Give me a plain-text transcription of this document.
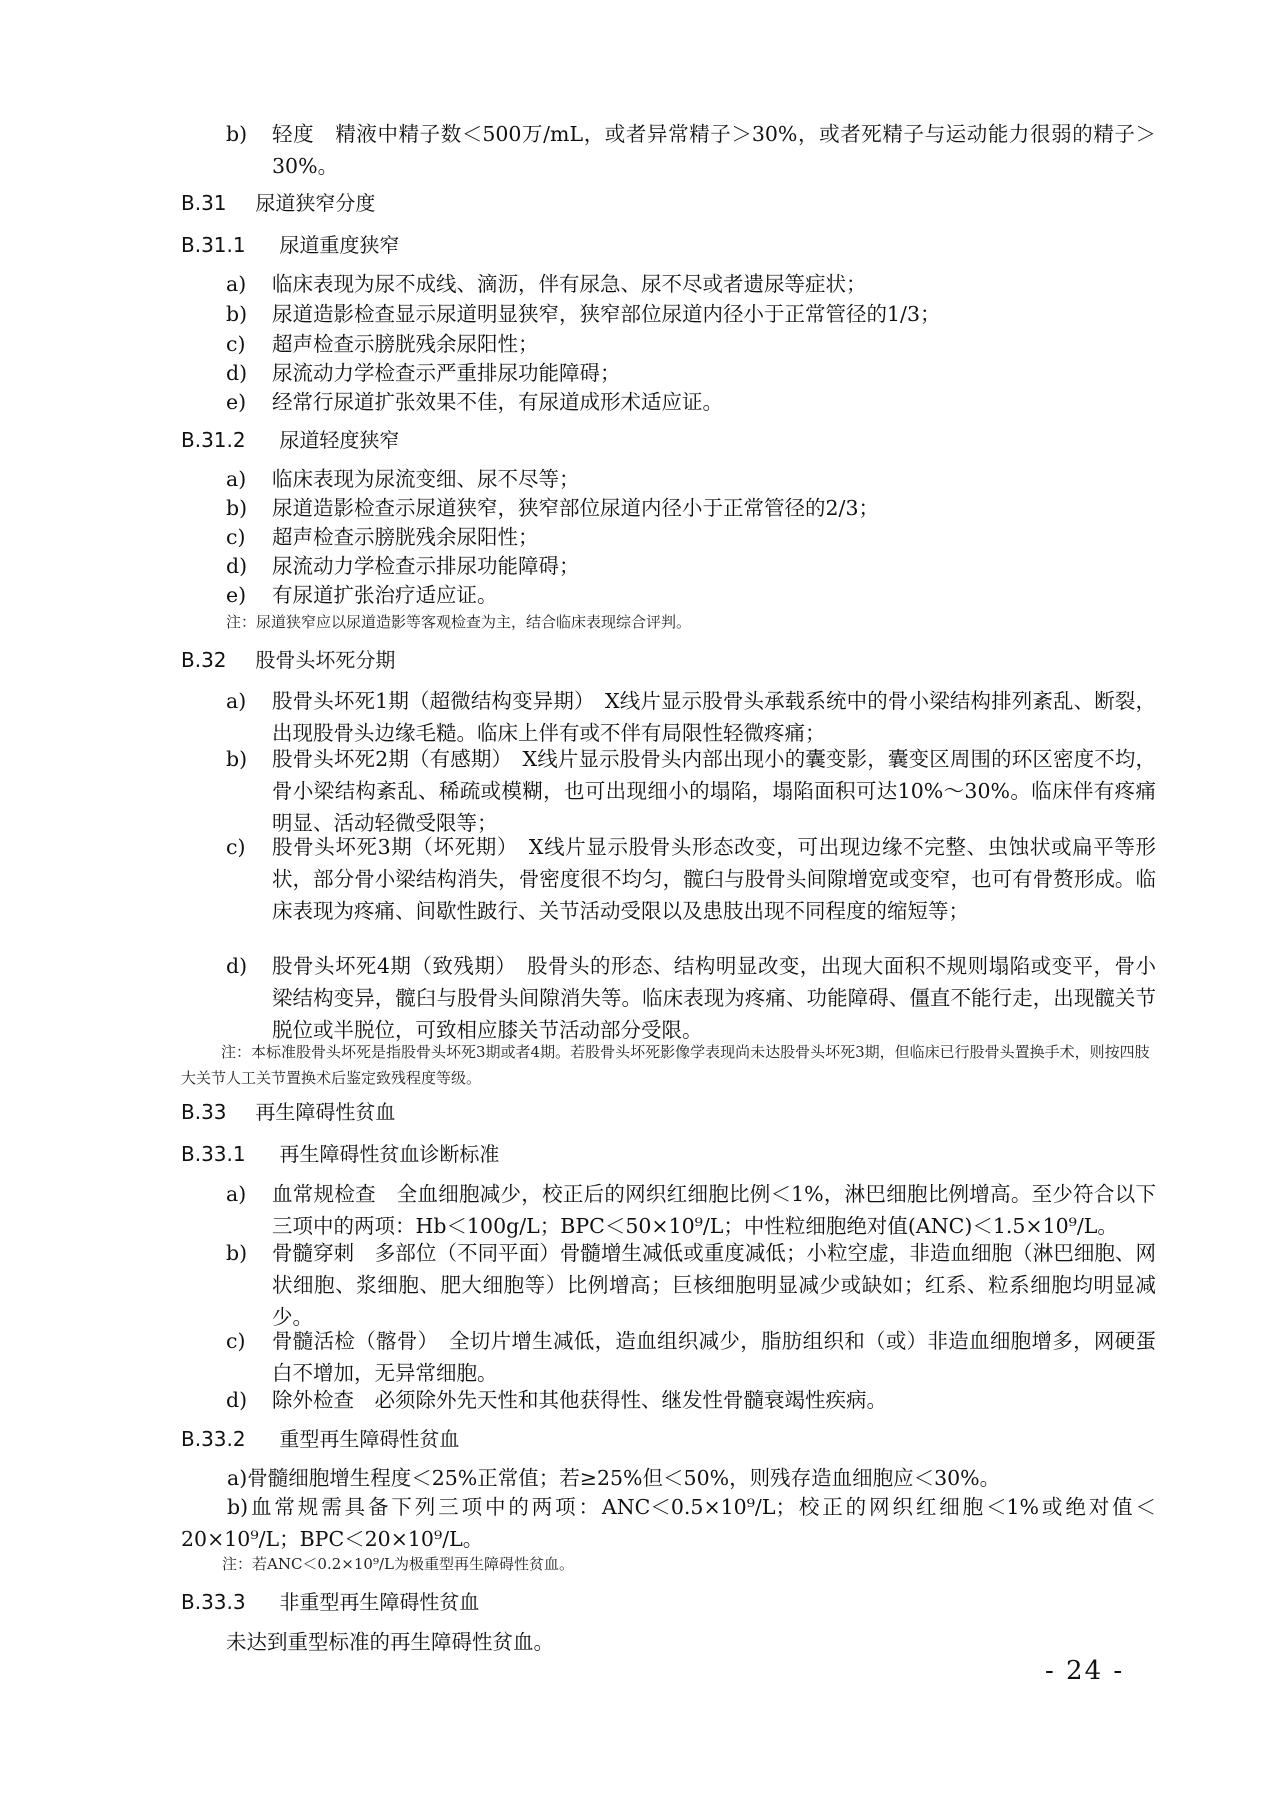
b) 轻度　精液中精子数＜500万/mL，或者异常精子＞30%，或者死精子与运动能力很弱的精子＞30%。
B.31 尿道狭窄分度
B.31.1 尿道重度狭窄
a) 临床表现为尿不成线、滴沥，伴有尿急、尿不尽或者遗尿等症状；
b) 尿道造影检查显示尿道明显狭窄，狭窄部位尿道内径小于正常管径的1/3；
c) 超声检查示膀胱残余尿阳性；
d) 尿流动力学检查示严重排尿功能障碍；
e) 经常行尿道扩张效果不佳，有尿道成形术适应证。
B.31.2 尿道轻度狭窄
a) 临床表现为尿流变细、尿不尽等；
b) 尿道造影检查示尿道狭窄，狭窄部位尿道内径小于正常管径的2/3；
c) 超声检查示膀胱残余尿阳性；
d) 尿流动力学检查示排尿功能障碍；
e) 有尿道扩张治疗适应证。
注：尿道狭窄应以尿道造影等客观检查为主，结合临床表现综合评判。
B.32 股骨头坏死分期
a) 股骨头坏死1期（超微结构变异期）　X线片显示股骨头承载系统中的骨小梁结构排列紊乱、断裂，出现股骨头边缘毛糙。临床上伴有或不伴有局限性轻微疼痛；
b) 股骨头坏死2期（有感期）　X线片显示股骨头内部出现小的囊变影，囊变区周围的环区密度不均，骨小梁结构紊乱、稀疏或模糊，也可出现细小的塌陷，塌陷面积可达10%～30%。临床伴有疼痛明显、活动轻微受限等；
c) 股骨头坏死3期（坏死期）　X线片显示股骨头形态改变，可出现边缘不完整、虫蚀状或扁平等形状，部分骨小梁结构消失，骨密度很不均匀，髋臼与股骨头间隙增宽或变窄，也可有骨赘形成。临床表现为疼痛、间歇性跛行、关节活动受限以及患肢出现不同程度的缩短等；
d) 股骨头坏死4期（致残期）　股骨头的形态、结构明显改变，出现大面积不规则塌陷或变平，骨小梁结构变异，髋臼与股骨头间隙消失等。临床表现为疼痛、功能障碍、僵直不能行走，出现髋关节脱位或半脱位，可致相应膝关节活动部分受限。
注：本标准股骨头坏死是指股骨头坏死3期或者4期。若股骨头坏死影像学表现尚未达股骨头坏死3期，但临床已行股骨头置换手术，则按四肢大关节人工关节置换术后鉴定致残程度等级。
B.33 再生障碍性贫血
B.33.1 再生障碍性贫血诊断标准
a) 血常规检查　全血细胞减少，校正后的网织红细胞比例＜1%，淋巴细胞比例增高。至少符合以下三项中的两项：Hb＜100g/L；BPC＜50×10⁹/L；中性粒细胞绝对值(ANC)＜1.5×10⁹/L。
b) 骨髓穿刺　多部位（不同平面）骨髓增生减低或重度减低；小粒空虚，非造血细胞（淋巴细胞、网状细胞、浆细胞、肥大细胞等）比例增高；巨核细胞明显减少或缺如；红系、粒系细胞均明显减少。
c) 骨髓活检（髂骨）　全切片增生减低，造血组织减少，脂肪组织和（或）非造血细胞增多，网硬蛋白不增加，无异常细胞。
d) 除外检查　必须除外先天性和其他获得性、继发性骨髓衰竭性疾病。
B.33.2 重型再生障碍性贫血
a)骨髓细胞增生程度＜25%正常值；若≥25%但＜50%，则残存造血细胞应＜30%。
b)血常规需具备下列三项中的两项：ANC＜0.5×10⁹/L；校正的网织红细胞＜1%或绝对值＜20×10⁹/L；BPC＜20×10⁹/L。
注：若ANC＜0.2×10⁹/L为极重型再生障碍性贫血。
B.33.3 非重型再生障碍性贫血
未达到重型标准的再生障碍性贫血。
- 24 -
